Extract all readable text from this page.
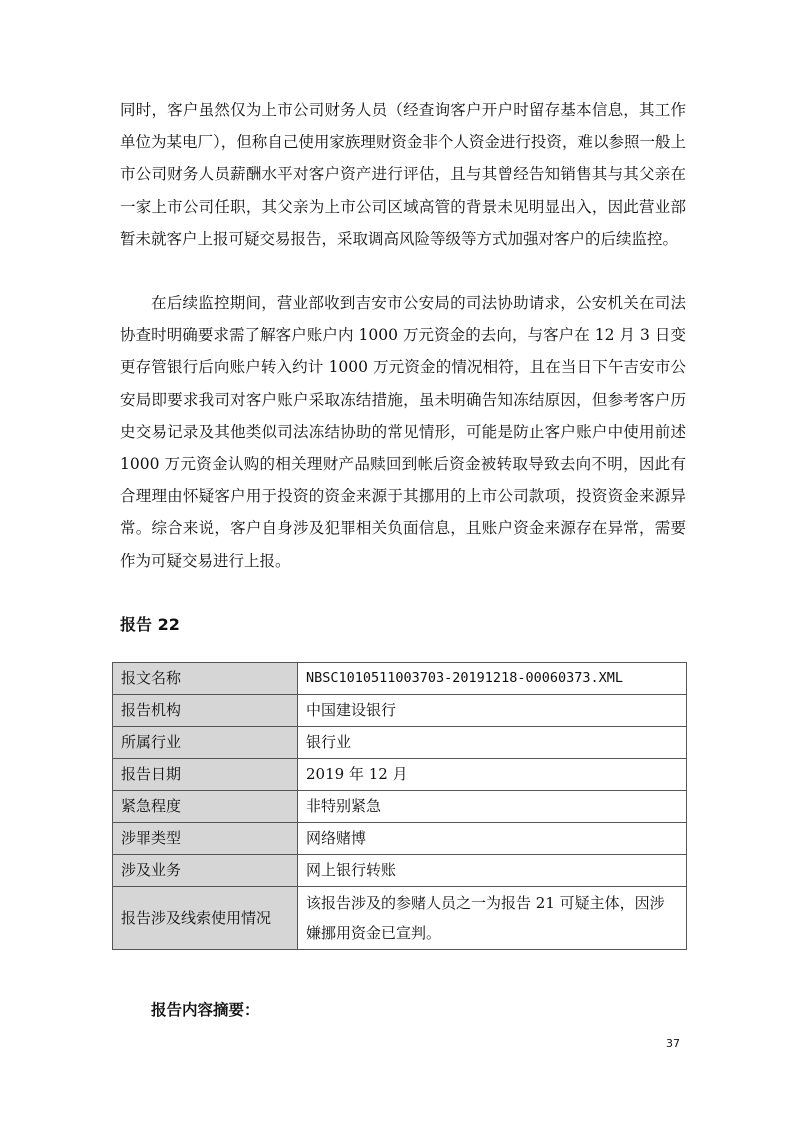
同时，客户虽然仅为上市公司财务人员（经查询客户开户时留存基本信息，其工作单位为某电厂），但称自己使用家族理财资金非个人资金进行投资，难以参照一般上市公司财务人员薪酬水平对客户资产进行评估，且与其曾经告知销售其与其父亲在一家上市公司任职，其父亲为上市公司区域高管的背景未见明显出入，因此营业部暂未就客户上报可疑交易报告，采取调高风险等级等方式加强对客户的后续监控。

在后续监控期间，营业部收到吉安市公安局的司法协助请求，公安机关在司法协查时明确要求需了解客户账户内 1000 万元资金的去向，与客户在 12 月 3 日变更存管银行后向账户转入约计 1000 万元资金的情况相符，且在当日下午吉安市公安局即要求我司对客户账户采取冻结措施，虽未明确告知冻结原因，但参考客户历史交易记录及其他类似司法冻结协助的常见情形，可能是防止客户账户中使用前述 1000 万元资金认购的相关理财产品赎回到帐后资金被转取导致去向不明，因此有合理理由怀疑客户用于投资的资金来源于其挪用的上市公司款项，投资资金来源异常。综合来说，客户自身涉及犯罪相关负面信息，且账户资金来源存在异常，需要作为可疑交易进行上报。

报告 22
报文名称	NBSC1010511003703-20191218-00060373.XML
报告机构	中国建设银行
所属行业	银行业
报告日期	2019 年 12 月
紧急程度	非特别紧急
涉罪类型	网络赌博
涉及业务	网上银行转账
报告涉及线索使用情况	该报告涉及的参赌人员之一为报告 21 可疑主体，因涉嫌挪用资金已宣判。
报告内容摘要：
37
